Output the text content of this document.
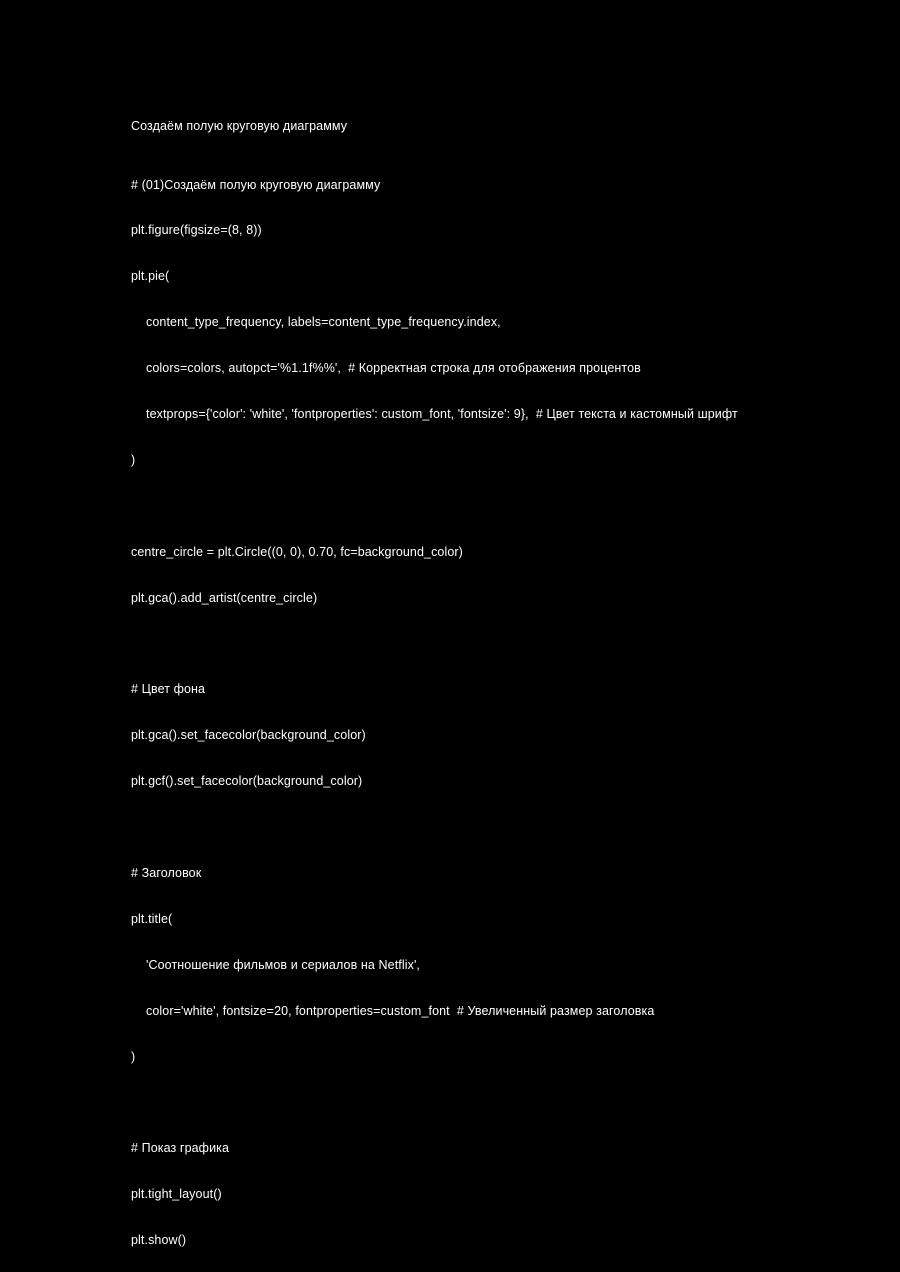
Создаём полую круговую диаграмму

# (01)Создаём полую круговую диаграмму

plt.figure(figsize=(8, 8))

plt.pie(

content_type_frequency, labels=content_type_frequency.index,

colors=colors, autopct='%1.1f%%',  # Корректная строка для отображения процентов

textprops={'color': 'white', 'fontproperties': custom_font, 'fontsize': 9},  # Цвет текста и кастомный шрифт

)

centre_circle = plt.Circle((0, 0), 0.70, fc=background_color)

plt.gca().add_artist(centre_circle)

# Цвет фона

plt.gca().set_facecolor(background_color)

plt.gcf().set_facecolor(background_color)

# Заголовок

plt.title(

'Соотношение фильмов и сериалов на Netflix',

color='white', fontsize=20, fontproperties=custom_font  # Увеличенный размер заголовка

)

# Показ графика

plt.tight_layout()

plt.show()
